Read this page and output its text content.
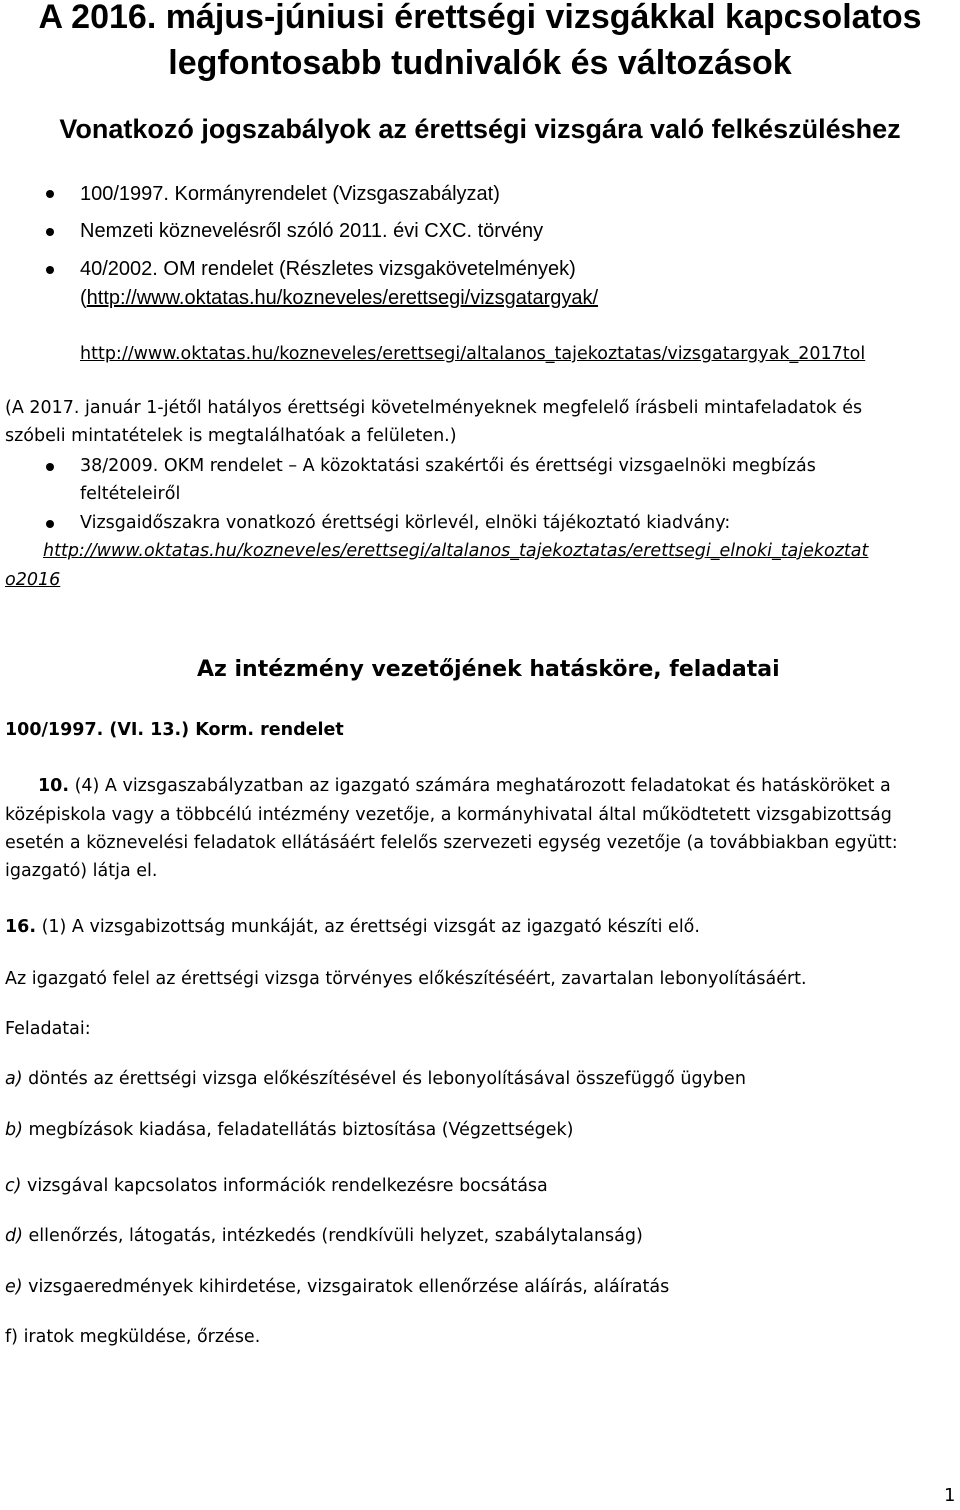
A 2016. május-júniusi érettségi vizsgákkal kapcsolatos
legfontosabb tudnivalók és változások
Vonatkozó jogszabályok az érettségi vizsgára való felkészüléshez
100/1997. Kormányrendelet (Vizsgaszabályzat)
Nemzeti köznevelésről szóló 2011. évi CXC. törvény
40/2002. OM rendelet (Részletes vizsgakövetelmények)
(http://www.oktatas.hu/kozneveles/erettsegi/vizsgatargyak/
http://www.oktatas.hu/kozneveles/erettsegi/altalanos_tajekoztatas/vizsgatargyak_2017tol
(A 2017. január 1-jétől hatályos érettségi követelményeknek megfelelő írásbeli mintafeladatok és
szóbeli mintatételek is megtalálhatóak a felületen.)
38/2009. OKM rendelet – A közoktatási szakértői és érettségi vizsgaelnöki megbízás
feltételeiről
Vizsgaidőszakra vonatkozó érettségi körlevél, elnöki tájékoztató kiadvány:
http://www.oktatas.hu/kozneveles/erettsegi/altalanos_tajekoztatas/erettsegi_elnoki_tajekoztat
o2016
Az intézmény vezetőjének hatásköre, feladatai
100/1997. (VI. 13.) Korm. rendelet
10. (4) A vizsgaszabályzatban az igazgató számára meghatározott feladatokat és hatásköröket a
középiskola vagy a többcélú intézmény vezetője, a kormányhivatal által működtetett vizsgabizottság
esetén a köznevelési feladatok ellátásáért felelős szervezeti egység vezetője (a továbbiakban együtt:
igazgató) látja el.
16. (1) A vizsgabizottság munkáját, az érettségi vizsgát az igazgató készíti elő.
Az igazgató felel az érettségi vizsga törvényes előkészítéséért, zavartalan lebonyolításáért.
Feladatai:
a) döntés az érettségi vizsga előkészítésével és lebonyolításával összefüggő ügyben
b) megbízások kiadása, feladatellátás biztosítása (Végzettségek)
c) vizsgával kapcsolatos információk rendelkezésre bocsátása
d) ellenőrzés, látogatás, intézkedés (rendkívüli helyzet, szabálytalanság)
e) vizsgaeredmények kihirdetése, vizsgairatok ellenőrzése aláírás, aláíratás
f) iratok megküldése, őrzése.
1
